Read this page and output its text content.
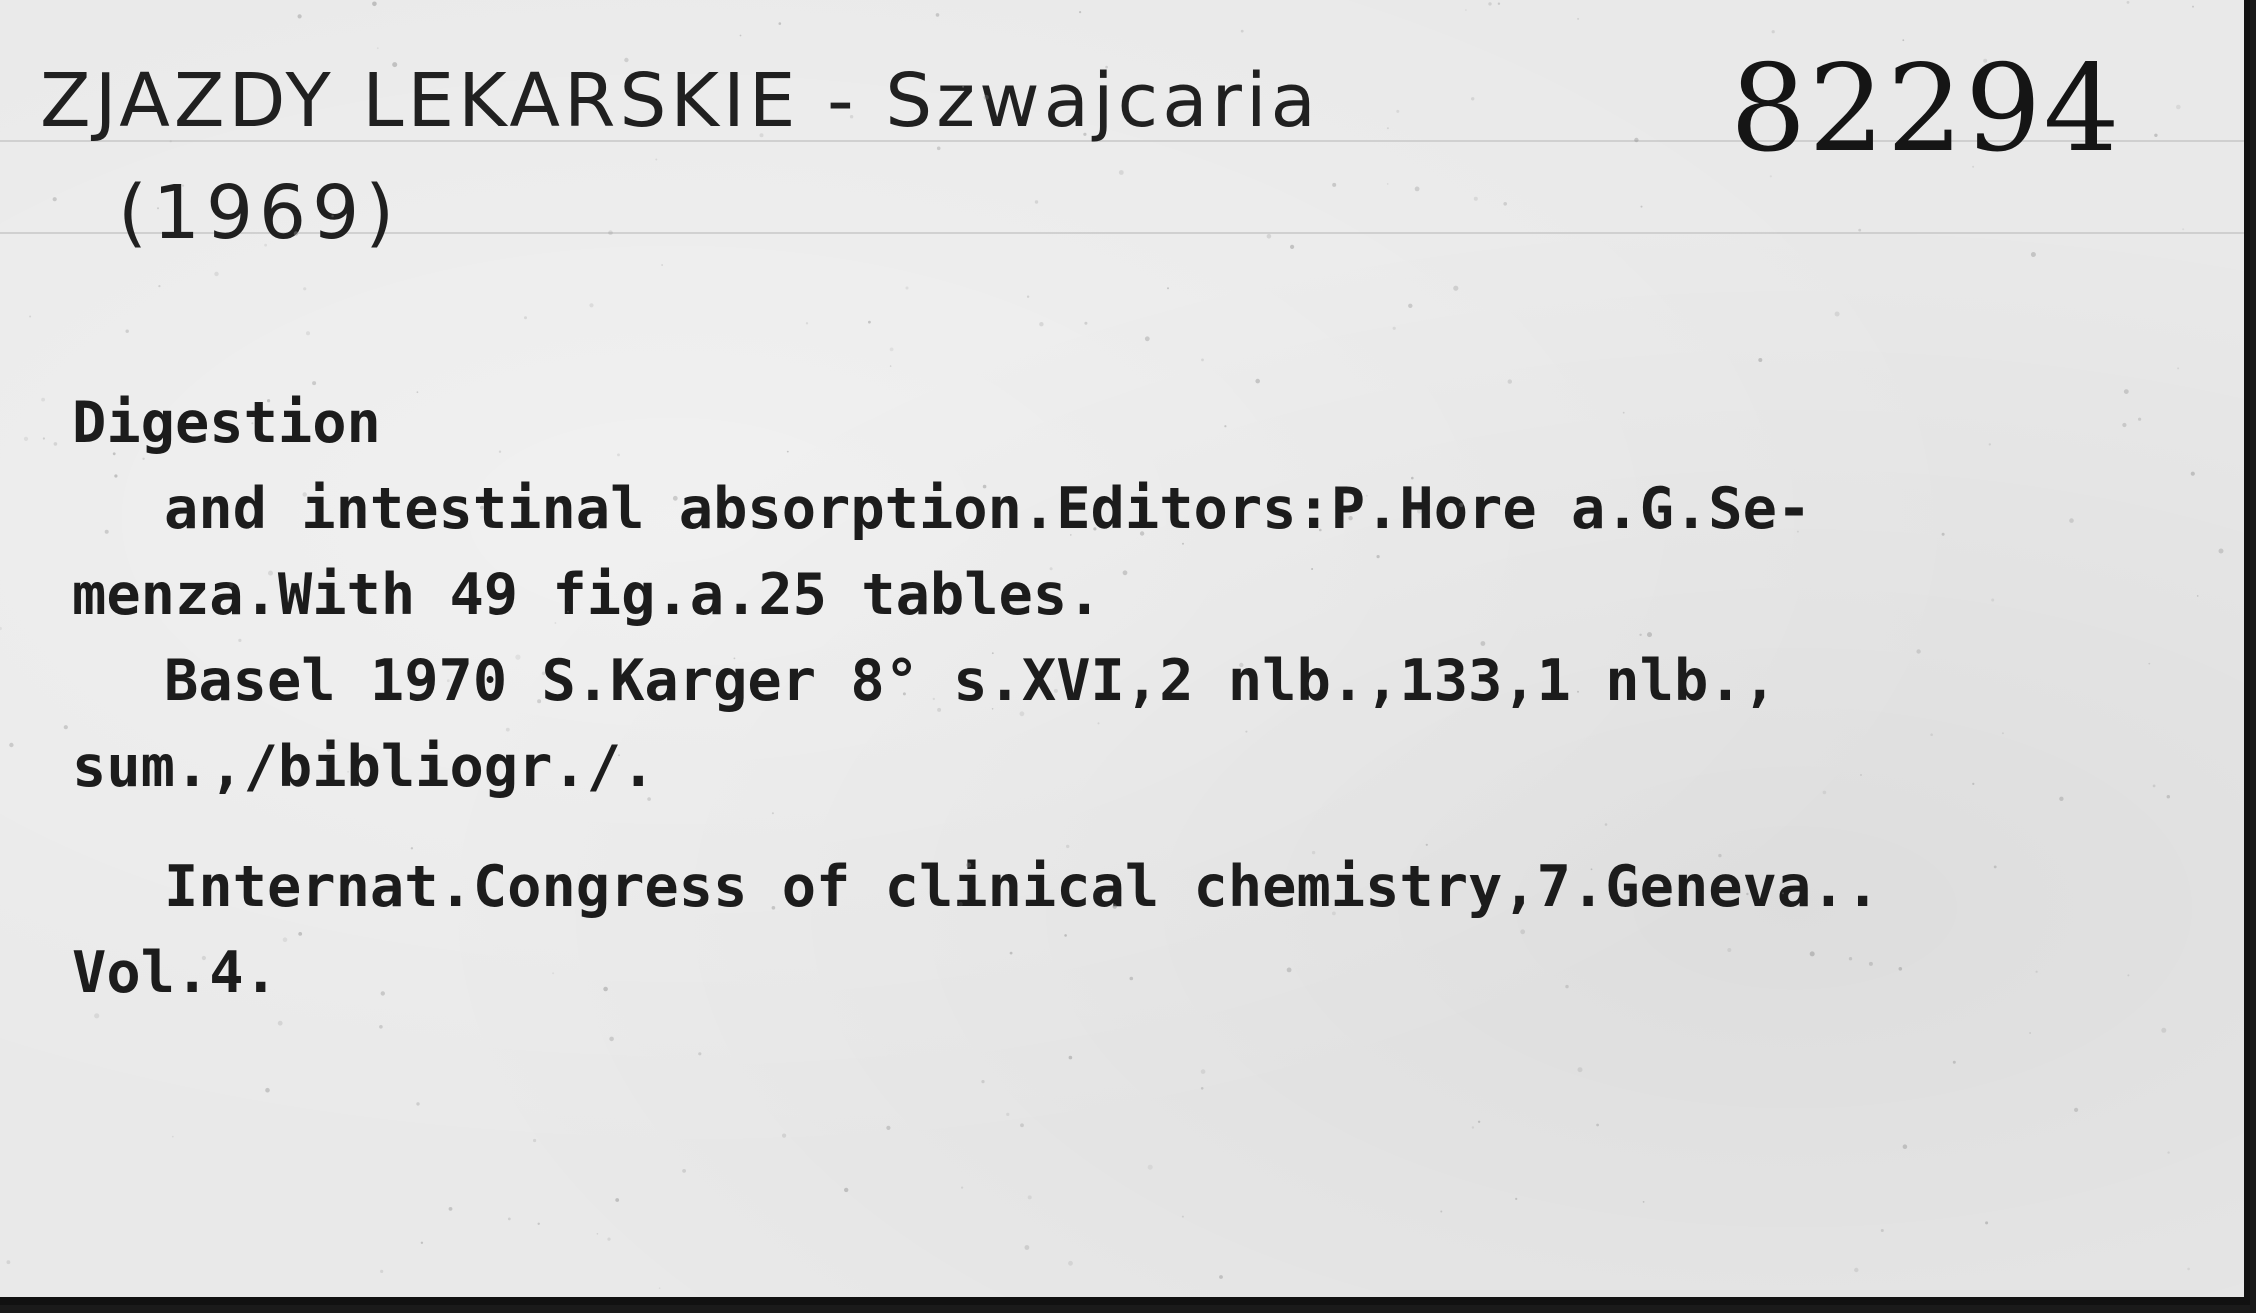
ZJAZDY LEKARSKIE - Szwajcaria
(1969)
82294

Digestion

and intestinal absorption.Editors:P.Hore a.G.Se-

menza.With 49 fig.a.25 tables.

Basel 1970 S.Karger 8° s.XVI,2 nlb.,133,1 nlb.,

sum.,/bibliogr./.

Internat.Congress of clinical chemistry,7.Geneva..

Vol.4.
